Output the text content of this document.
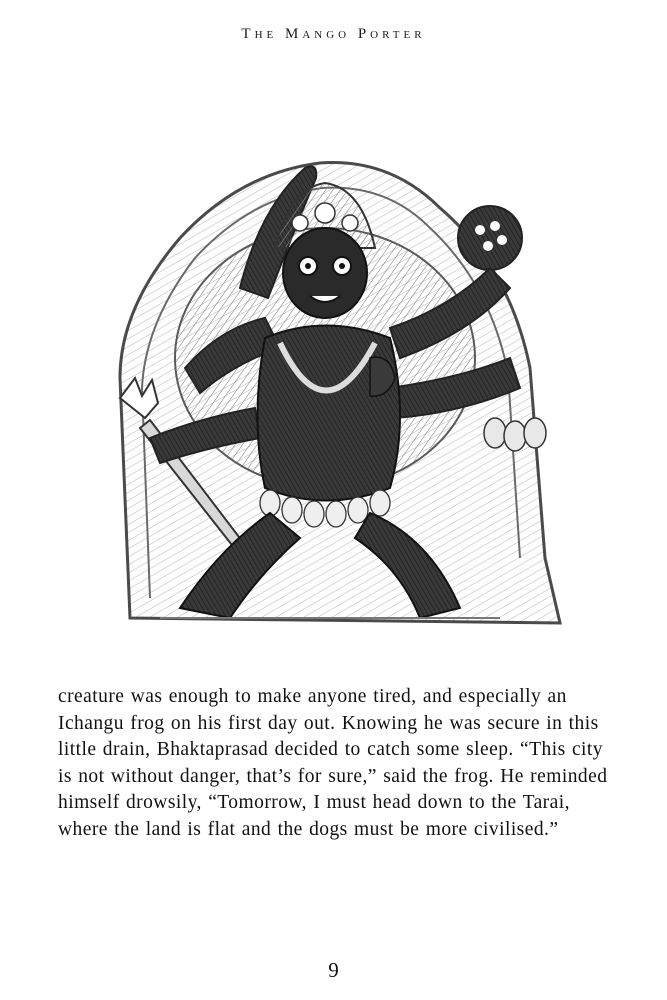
The Mango Porter

creature was enough to make anyone tired, and especially an Ichangu frog on his first day out. Knowing he was secure in this little drain, Bhaktaprasad decided to catch some sleep. “This city is not without danger, that’s for sure,” said the frog. He reminded himself drowsily, “Tomorrow, I must head down to the Tarai, where the land is flat and the dogs must be more civilised.”

9
